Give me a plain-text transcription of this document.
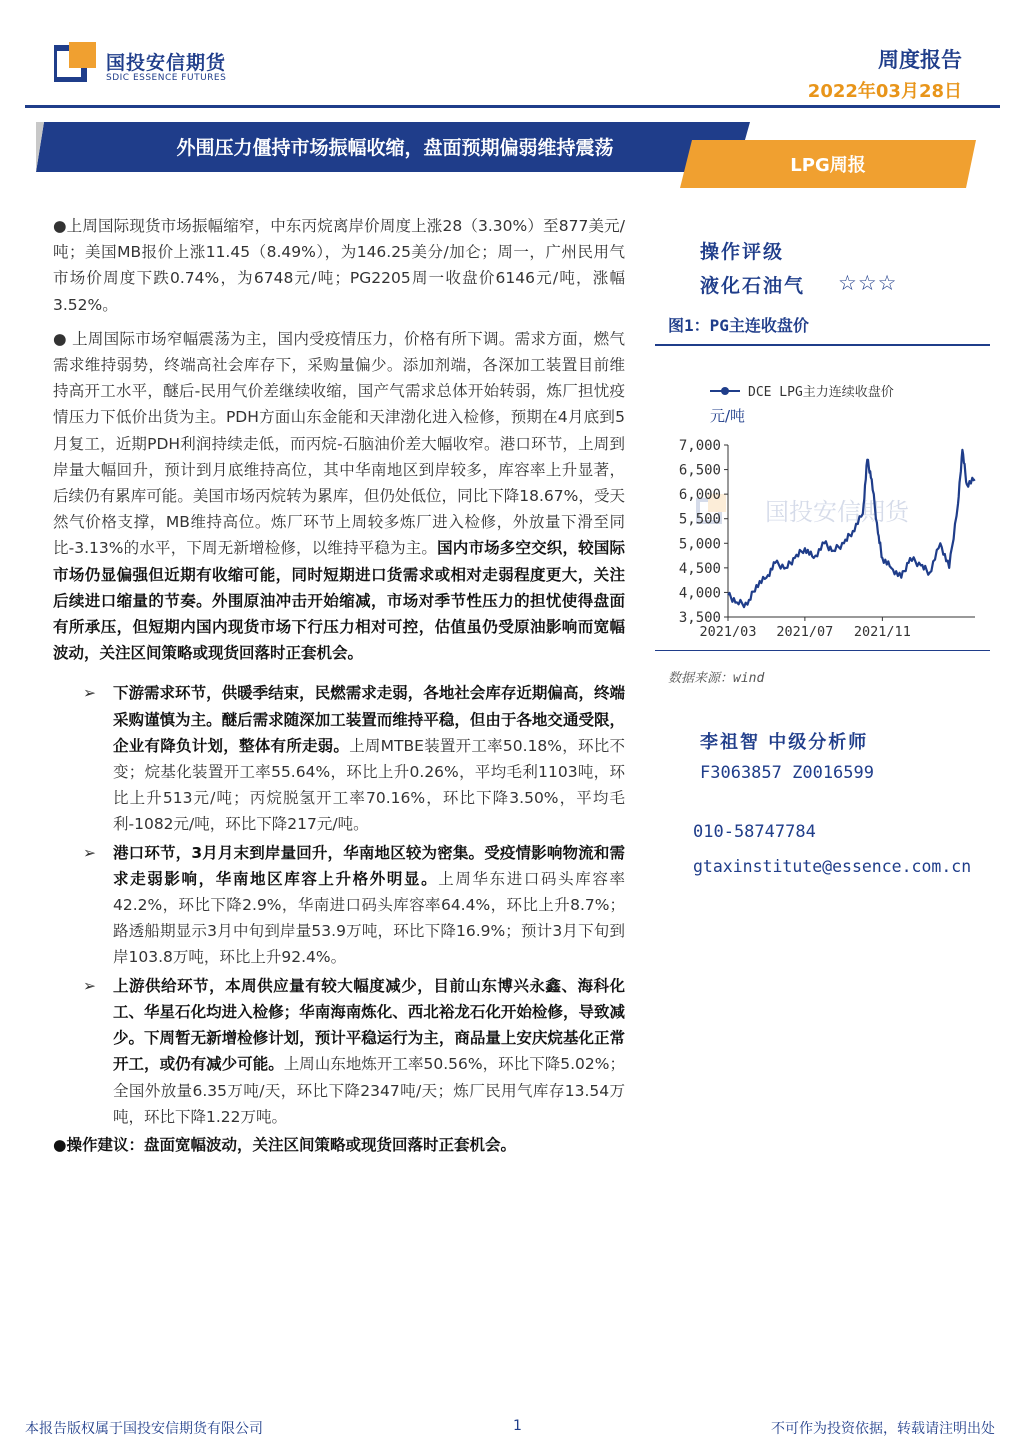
国投安信期货
SDIC ESSENCE FUTURES
周度报告
2022年03月28日
外围压力僵持市场振幅收缩，盘面预期偏弱维持震荡
LPG周报

●上周国际现货市场振幅缩窄，中东丙烷离岸价周度上涨28（3.30%）至877美元/吨；美国MB报价上涨11.45（8.49%），为146.25美分/加仑；周一，广州民用气市场价周度下跌0.74%，为6748元/吨；PG2205周一收盘价6146元/吨，涨幅3.52%。

● 上周国际市场窄幅震荡为主，国内受疫情压力，价格有所下调。需求方面，燃气需求维持弱势，终端高社会库存下，采购量偏少。添加剂端，各深加工装置目前维持高开工水平，醚后-民用气价差继续收缩，国产气需求总体开始转弱，炼厂担忧疫情压力下低价出货为主。PDH方面山东金能和天津渤化进入检修，预期在4月底到5月复工，近期PDH利润持续走低，而丙烷-石脑油价差大幅收窄。港口环节，上周到岸量大幅回升，预计到月底维持高位，其中华南地区到岸较多，库容率上升显著，后续仍有累库可能。美国市场丙烷转为累库，但仍处低位，同比下降18.67%，受天然气价格支撑，MB维持高位。炼厂环节上周较多炼厂进入检修，外放量下滑至同比-3.13%的水平，下周无新增检修，以维持平稳为主。国内市场多空交织，较国际市场仍显偏强但近期有收缩可能，同时短期进口货需求或相对走弱程度更大，关注后续进口缩量的节奏。外围原油冲击开始缩减，市场对季节性压力的担忧使得盘面有所承压，但短期内国内现货市场下行压力相对可控，估值虽仍受原油影响而宽幅波动，关注区间策略或现货回落时正套机会。

➢ 下游需求环节，供暖季结束，民燃需求走弱，各地社会库存近期偏高，终端采购谨慎为主。醚后需求随深加工装置而维持平稳，但由于各地交通受限，企业有降负计划，整体有所走弱。上周MTBE装置开工率50.18%，环比不变；烷基化装置开工率55.64%，环比上升0.26%，平均毛利1103吨，环比上升513元/吨；丙烷脱氢开工率70.16%，环比下降3.50%，平均毛利-1082元/吨，环比下降217元/吨。
➢ 港口环节，3月月末到岸量回升，华南地区较为密集。受疫情影响物流和需求走弱影响，华南地区库容上升格外明显。上周华东进口码头库容率42.2%，环比下降2.9%，华南进口码头库容率64.4%，环比上升8.7%；路透船期显示3月中旬到岸量53.9万吨，环比下降16.9%；预计3月下旬到岸103.8万吨，环比上升92.4%。
➢ 上游供给环节，本周供应量有较大幅度减少，目前山东博兴永鑫、海科化工、华星石化均进入检修；华南海南炼化、西北裕龙石化开始检修，导致减少。下周暂无新增检修计划，预计平稳运行为主，商品量上安庆烷基化正常开工，或仍有减少可能。上周山东地炼开工率50.56%，环比下降5.02%；全国外放量6.35万吨/天，环比下降2347吨/天；炼厂民用气库存13.54万吨，环比下降1.22万吨。

●操作建议：盘面宽幅波动，关注区间策略或现货回落时正套机会。

操作评级
液化石油气 ☆☆☆
图1：PG主连收盘价
国投安信期货
DCE LPG主力连续收盘价
元/吨
3,500
4,000
4,500
5,000
5,500
6,000
6,500
7,000
2021/03 2021/07 2021/11
数据来源：wind
李祖智 中级分析师
F3063857 Z0016599
010-58747784
gtaxinstitute@essence.com.cn
本报告版权属于国投安信期货有限公司	1	不可作为投资依据，转载请注明出处
